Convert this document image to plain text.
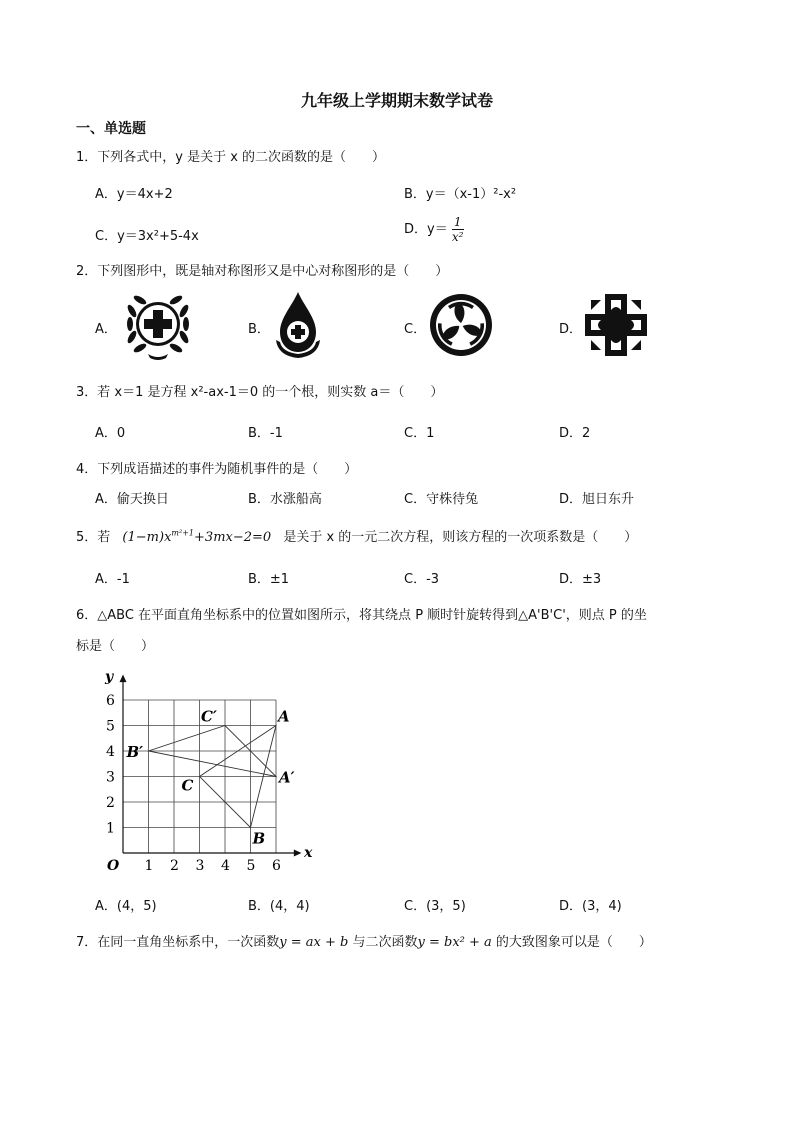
九年级上学期期末数学试卷
一、单选题
1．下列各式中，y 是关于 x 的二次函数的是（　　）
A．y＝4x+2	B．y＝（x-1）²-x²
C．y＝3x²+5-4x	D．$y= \frac{1}{\text{x²}}$
2．下列图形中，既是轴对称图形又是中心对称图形的是（　　）
A．	B．	C．	D．
3．若 x＝1 是方程 x²-ax-1＝0 的一个根，则实数 a＝（　　）
A．0	B．-1	C．1	D．2
4．下列成语描述的事件为随机事件的是（　　）
A．偷天换日	B．水涨船高	C．守株待兔	D．旭日东升
5．若 $(1-m)x^{m^2+1}+3mx-2=0$ 是关于 x 的一元二次方程，则该方程的一次项系数是（　　）
A．-1	B．±1	C．-3	D．±3
6．△ABC 在平面直角坐标系中的位置如图所示，将其绕点 P 顺时针旋转得到△A'B'C'，则点 P 的坐
标是（　　）
x
y
O 1 2 3 4 5 6
1
2
3
4
5
6
A
B
C	A′
B′
C′
A．(4，5)	B．(4，4)	C．(3，5)	D．(3，4)
7．在同一直角坐标系中，一次函数y = ax + b 与二次函数y = bx² + a 的大致图象可以是（　　）
